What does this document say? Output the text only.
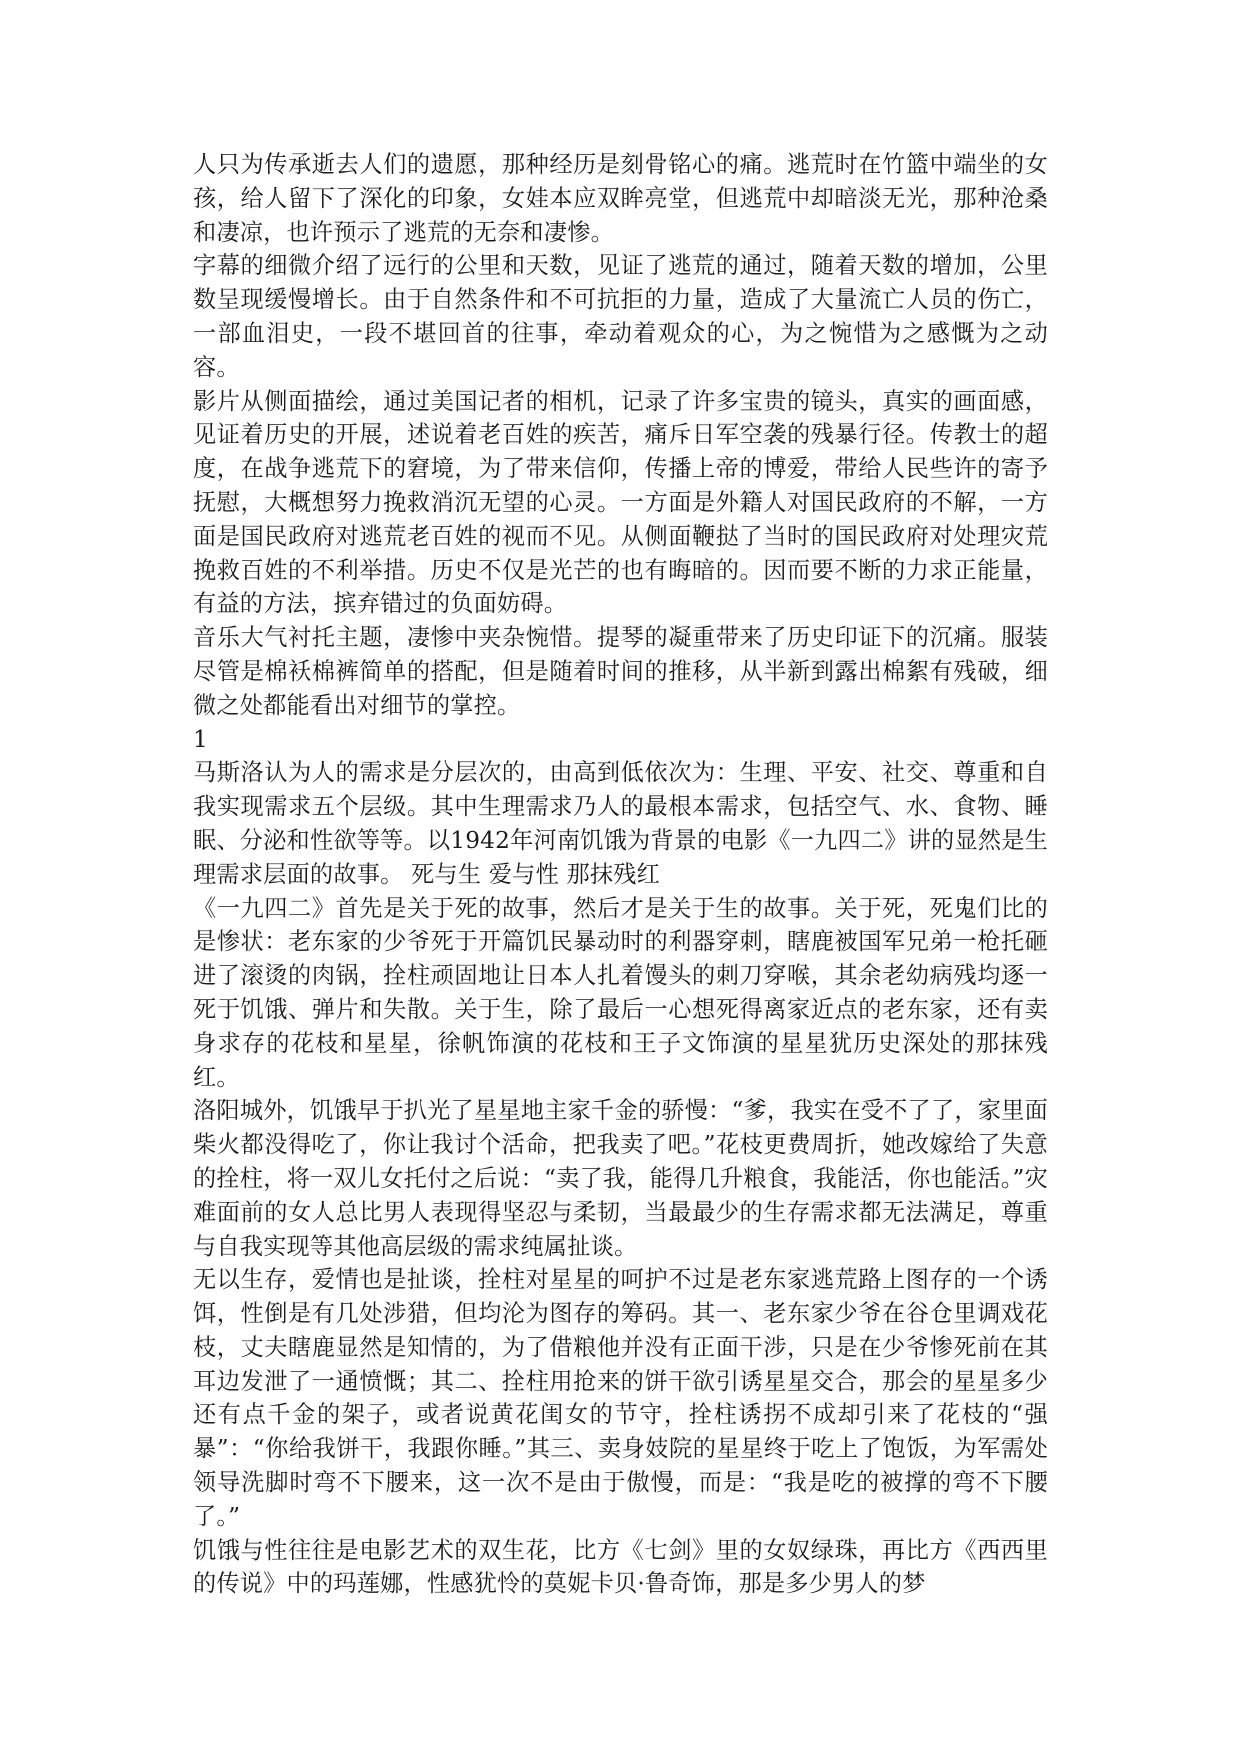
人只为传承逝去人们的遗愿，那种经历是刻骨铭心的痛。逃荒时在竹篮中端坐的女孩，给人留下了深化的印象，女娃本应双眸亮堂，但逃荒中却暗淡无光，那种沧桑和凄凉，也许预示了逃荒的无奈和凄惨。

字幕的细微介绍了远行的公里和天数，见证了逃荒的通过，随着天数的增加，公里数呈现缓慢增长。由于自然条件和不可抗拒的力量，造成了大量流亡人员的伤亡，一部血泪史，一段不堪回首的往事，牵动着观众的心，为之惋惜为之感慨为之动容。

影片从侧面描绘，通过美国记者的相机，记录了许多宝贵的镜头，真实的画面感，见证着历史的开展，述说着老百姓的疾苦，痛斥日军空袭的残暴行径。传教士的超度，在战争逃荒下的窘境，为了带来信仰，传播上帝的博爱，带给人民些许的寄予抚慰，大概想努力挽救消沉无望的心灵。一方面是外籍人对国民政府的不解，一方面是国民政府对逃荒老百姓的视而不见。从侧面鞭挞了当时的国民政府对处理灾荒挽救百姓的不利举措。历史不仅是光芒的也有晦暗的。因而要不断的力求正能量，有益的方法，摈弃错过的负面妨碍。

音乐大气衬托主题，凄惨中夹杂惋惜。提琴的凝重带来了历史印证下的沉痛。服装尽管是棉袄棉裤简单的搭配，但是随着时间的推移，从半新到露出棉絮有残破，细微之处都能看出对细节的掌控。

1

马斯洛认为人的需求是分层次的，由高到低依次为：生理、平安、社交、尊重和自我实现需求五个层级。其中生理需求乃人的最根本需求，包括空气、水、食物、睡眠、分泌和性欲等等。以1942年河南饥饿为背景的电影《一九四二》讲的显然是生理需求层面的故事。 死与生 爱与性 那抹残红

《一九四二》首先是关于死的故事，然后才是关于生的故事。关于死，死鬼们比的是惨状：老东家的少爷死于开篇饥民暴动时的利器穿刺，瞎鹿被国军兄弟一枪托砸进了滚烫的肉锅，拴柱顽固地让日本人扎着馒头的刺刀穿喉，其余老幼病残均逐一死于饥饿、弹片和失散。关于生，除了最后一心想死得离家近点的老东家，还有卖身求存的花枝和星星，徐帆饰演的花枝和王子文饰演的星星犹历史深处的那抹残红。

洛阳城外，饥饿早于扒光了星星地主家千金的骄慢：“爹，我实在受不了了，家里面柴火都没得吃了，你让我讨个活命，把我卖了吧。”花枝更费周折，她改嫁给了失意的拴柱，将一双儿女托付之后说：“卖了我，能得几升粮食，我能活，你也能活。”灾难面前的女人总比男人表现得坚忍与柔韧，当最最少的生存需求都无法满足，尊重与自我实现等其他高层级的需求纯属扯谈。

无以生存，爱情也是扯谈，拴柱对星星的呵护不过是老东家逃荒路上图存的一个诱饵，性倒是有几处涉猎，但均沦为图存的筹码。其一、老东家少爷在谷仓里调戏花枝，丈夫瞎鹿显然是知情的，为了借粮他并没有正面干涉，只是在少爷惨死前在其耳边发泄了一通愤慨；其二、拴柱用抢来的饼干欲引诱星星交合，那会的星星多少还有点千金的架子，或者说黄花闺女的节守，拴柱诱拐不成却引来了花枝的“强暴”：“你给我饼干，我跟你睡。”其三、卖身妓院的星星终于吃上了饱饭，为军需处领导洗脚时弯不下腰来，这一次不是由于傲慢，而是：“我是吃的被撑的弯不下腰了。”

饥饿与性往往是电影艺术的双生花，比方《七剑》里的女奴绿珠，再比方《西西里的传说》中的玛莲娜，性感犹怜的莫妮卡贝·鲁奇饰，那是多少男人的梦
